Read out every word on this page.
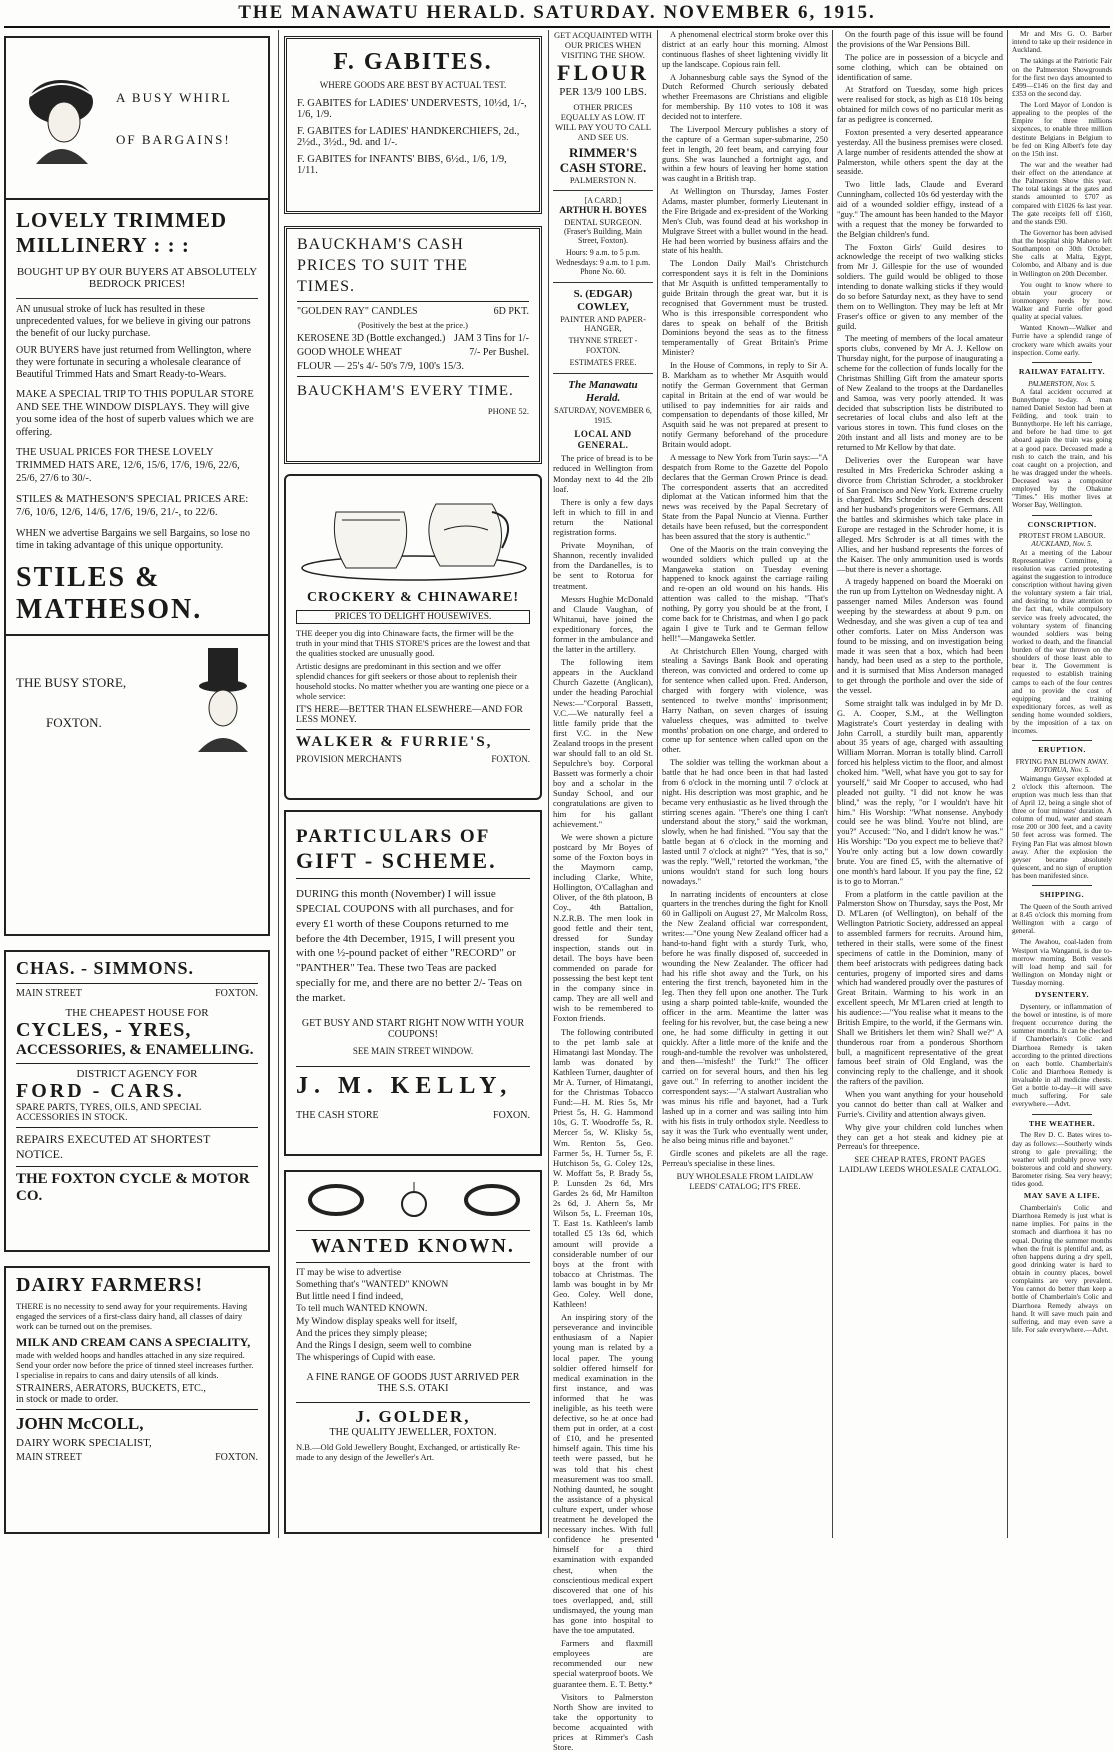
THE MANAWATU HERALD. SATURDAY. NOVEMBER 6, 1915.
A BUSY WHIRL
OF BARGAINS!
LOVELY TRIMMED
MILLINERY : : :
BOUGHT UP BY OUR BUYERS AT ABSOLUTELY BEDROCK PRICES!
AN unusual stroke of luck has resulted in these unprecedented values, for we believe in giving our patrons the benefit of our lucky purchase.
OUR BUYERS have just returned from Wellington, where they were fortunate in securing a wholesale clearance of Beautiful Trimmed Hats and Smart Ready-to-Wears.
MAKE A SPECIAL TRIP TO THIS POPULAR STORE AND SEE THE WINDOW DISPLAYS. They will give you some idea of the host of superb values which we are offering.
THE USUAL PRICES FOR THESE LOVELY TRIMMED HATS ARE, 12/6, 15/6, 17/6, 19/6, 22/6, 25/6, 27/6 to 30/-.
STILES & MATHESON'S SPECIAL PRICES ARE: 7/6, 10/6, 12/6, 14/6, 17/6, 19/6, 21/-, to 22/6.
WHEN we advertise Bargains we sell Bargains, so lose no time in taking advantage of this unique opportunity.
STILES &
MATHESON.
THE BUSY STORE,
FOXTON.
CHAS. - SIMMONS.
MAIN STREET	FOXTON.
THE CHEAPEST HOUSE FOR
CYCLES, - YRES,
ACCESSORIES, & ENAMELLING.
DISTRICT AGENCY FOR
FORD - CARS.
SPARE PARTS, TYRES, OILS, AND SPECIAL ACCESSORIES IN STOCK.
REPAIRS EXECUTED AT SHORTEST NOTICE.
THE FOXTON CYCLE & MOTOR CO.
DAIRY FARMERS!
THERE is no necessity to send away for your requirements. Having engaged the services of a first-class dairy hand, all classes of dairy work can be turned out on the premises.
MILK AND CREAM CANS A SPECIALITY,
made with welded hoops and handles attached in any size required. Send your order now before the price of tinned steel increases further. I specialise in repairs to cans and dairy utensils of all kinds.
STRAINERS, AERATORS, BUCKETS, ETC.,
in stock or made to order.
JOHN McCOLL,
DAIRY WORK SPECIALIST,
MAIN STREET	FOXTON.
F. GABITES.
WHERE GOODS ARE BEST BY ACTUAL TEST.
F. GABITES for LADIES' UNDERVESTS, 10½d, 1/-, 1/6, 1/9.
F. GABITES for LADIES' HANDKERCHIEFS, 2d., 2½d., 3½d., 9d. and 1/-.
F. GABITES for INFANTS' BIBS, 6½d., 1/6, 1/9, 1/11.
BAUCKHAM'S CASH PRICES TO SUIT THE TIMES.
"GOLDEN RAY" CANDLES	6D PKT.
(Positively the best at the price.)
KEROSENE 3D (Bottle exchanged.) JAM 3 Tins for 1/-
GOOD WHOLE WHEAT	7/- Per Bushel.
FLOUR — 25's 4/- 50's 7/9, 100's 15/3.
BAUCKHAM'S EVERY TIME.
PHONE 52.
CROCKERY & CHINAWARE!
PRICES TO DELIGHT HOUSEWIVES.
THE deeper you dig into Chinaware facts, the firmer will be the truth in your mind that THIS STORE'S prices are the lowest and that the qualities stocked are unusually good.
Artistic designs are predominant in this section and we offer splendid chances for gift seekers or those about to replenish their household stocks. No matter whether you are wanting one piece or a whole service:
IT'S HERE—BETTER THAN ELSEWHERE—AND FOR LESS MONEY.
WALKER & FURRIE'S,
PROVISION MERCHANTS	FOXTON.
PARTICULARS OF
GIFT - SCHEME.
DURING this month (November) I will issue SPECIAL COUPONS with all purchases, and for every £1 worth of these Coupons returned to me before the 4th December, 1915, I will present you with one ½-pound packet of either "RECORD" or "PANTHER" Tea. These two Teas are packed specially for me, and there are no better 2/- Teas on the market.
GET BUSY AND START RIGHT NOW WITH YOUR COUPONS!
SEE MAIN STREET WINDOW.
J. M. KELLY,
THE CASH STORE	FOXON.
WANTED KNOWN.
IT may be wise to advertise
Something that's "WANTED" KNOWN
But little need I find indeed,
To tell much WANTED KNOWN.
My Window display speaks well for itself,
And the prices they simply please;
And the Rings I design, seem well to combine
The whisperings of Cupid with ease.
A FINE RANGE OF GOODS JUST ARRIVED PER THE S.S. OTAKI
J. GOLDER,
THE QUALITY JEWELLER, FOXTON.
N.B.—Old Gold Jewellery Bought, Exchanged, or artistically Re-made to any design of the Jeweller's Art.
GET ACQUAINTED WITH OUR PRICES WHEN VISITING THE SHOW.
FLOUR
PER 13/9 100 LBS.
OTHER PRICES EQUALLY AS LOW. IT WILL PAY YOU TO CALL AND SEE US.
RIMMER'S CASH STORE.
PALMERSTON N.
[A CARD.]
ARTHUR H. BOYES
DENTAL SURGEON.
(Fraser's Building, Main Street, Foxton).
Hours: 9 a.m. to 5 p.m. Wednesdays: 9 a.m. to 1 p.m. Phone No. 60.
S. (EDGAR) COWLEY,
PAINTER AND PAPER-HANGER,
THYNNE STREET - FOXTON.
ESTIMATES FREE.
The Manawatu Herald.
SATURDAY, NOVEMBER 6, 1915.
LOCAL AND GENERAL.

The price of bread is to be reduced in Wellington from Monday next to 4d the 2lb loaf.

There is only a few days left in which to fill in and return the National registration forms.

Private Moynihan, of Shannon, recently invalided from the Dardanelles, is to be sent to Rotorua for treatment.

Messrs Hughie McDonald and Claude Vaughan, of Whitanui, have joined the expeditionary forces, the former in the ambulance and the latter in the artillery.

The following item appears in the Auckland Church Gazette (Anglican), under the heading Parochial News:—"Corporal Bassett, V.C.—We naturally feel a little family pride that the first V.C. in the New Zealand troops in the present war should fall to an old St. Sepulchre's boy. Corporal Bassett was formerly a choir boy and a scholar in the Sunday School, and our congratulations are given to him for his gallant achievement."

We were shown a picture postcard by Mr Boyes of some of the Foxton boys in the Maymorn camp, including Clarke, White, Hollington, O'Callaghan and Oliver, of the 8th platoon, B Coy., 4th Battalion, N.Z.R.B. The men look in good fettle and their tent, dressed for Sunday inspection, stands out in detail. The boys have been commended on parade for possessing the best kept tent in the company since in camp. They are all well and wish to be remembered to Foxton friends.

The following contributed to the pet lamb sale at Himatangi last Monday. The lamb was donated by Kathleen Turner, daughter of Mr A. Turner, of Himatangi, for the Christmas Tobacco Fund:—H. M. Ries 5s, Mr Priest 5s, H. G. Hammond 10s, G. T. Woodroffe 5s, R. Mercer 5s, W. Klisky 5s, Wm. Renton 5s, Geo. Farmer 5s, H. Turner 5s, F. Hutchison 5s, G. Coley 12s, W. Moffatt 5s, P. Brady 5s, P. Lunsden 2s 6d, Mrs Gardes 2s 6d, Mr Hamilton 2s 6d, J. Ahern 5s, Mr Wilson 5s, L. Freeman 10s, T. East 1s. Kathleen's lamb totalled £5 13s 6d, which amount will provide a considerable number of our boys at the front with tobacco at Christmas. The lamb was bought in by Mr Geo. Coley. Well done, Kathleen!

An inspiring story of the perseverance and invincible enthusiasm of a Napier young man is related by a local paper. The young soldier offered himself for medical examination in the first instance, and was informed that he was ineligible, as his teeth were defective, so he at once had them put in order, at a cost of £10, and he presented himself again. This time his teeth were passed, but he was told that his chest measurement was too small. Nothing daunted, he sought the assistance of a physical culture expert, under whose treatment he developed the necessary inches. With full confidence he presented himself for a third examination with expanded chest, when the conscientious medical expert discovered that one of his toes overlapped, and, still undismayed, the young man has gone into hospital to have the toe amputated.

Farmers and flaxmill employees are recommended our new special waterproof boots. We guarantee them. E. T. Betty.*

Visitors to Palmerston North Show are invited to take the opportunity to become acquainted with prices at Rimmer's Cash Store.

A phenomenal electrical storm broke over this district at an early hour this morning. Almost continuous flashes of sheet lightening vividly lit up the landscape. Copious rain fell.

A Johannesburg cable says the Synod of the Dutch Reformed Church seriously debated whether Freemasons are Christians and eligible for membership. By 110 votes to 108 it was decided not to interfere.

The Liverpool Mercury publishes a story of the capture of a German super-submarine, 250 feet in length, 20 feet beam, and carrying four guns. She was launched a fortnight ago, and within a few hours of leaving her home station was caught in a British trap.

At Wellington on Thursday, James Foster Adams, master plumber, formerly Lieutenant in the Fire Brigade and ex-president of the Working Men's Club, was found dead at his workshop in Mulgrave Street with a bullet wound in the head. He had been worried by business affairs and the state of his health.

The London Daily Mail's Christchurch correspondent says it is felt in the Dominions that Mr Asquith is unfitted temperamentally to guide Britain through the great war, but it is recognised that Government must be trusted. Who is this irresponsible correspondent who dares to speak on behalf of the British Dominions beyond the seas as to the fitness temperamentally of Great Britain's Prime Minister?

In the House of Commons, in reply to Sir A. B. Markham as to whether Mr Asquith would notify the German Government that German capital in Britain at the end of war would be utilised to pay indemnities for air raids and compensation to dependants of those killed, Mr Asquith said he was not prepared at present to notify Germany beforehand of the procedure Britain would adopt.

A message to New York from Turin says:—"A despatch from Rome to the Gazette del Popolo declares that the German Crown Prince is dead. The correspondent asserts that an accredited diplomat at the Vatican informed him that the news was received by the Papal Secretary of State from the Papal Nuncio at Vienna. Further details have been refused, but the correspondent has been assured that the story is authentic."

One of the Maoris on the train conveying the wounded soldiers which pulled up at the Mangaweka station on Tuesday evening happened to knock against the carriage railing and re-open an old wound on his hands. His attention was called to the mishap. "That's nothing, Py gorry you should be at the front, I come back for te Christmas, and when I go pack again I give te Turk and te German fellow hell!"—Mangaweka Settler.

At Christchurch Ellen Young, charged with stealing a Savings Bank Book and operating thereon, was convicted and ordered to come up for sentence when called upon. Fred. Anderson, charged with forgery with violence, was sentenced to twelve months' imprisonment; Harry Nathan, on seven charges of issuing valueless cheques, was admitted to twelve months' probation on one charge, and ordered to come up for sentence when called upon on the other.

The soldier was telling the workman about a battle that he had once been in that had lasted from 6 o'clock in the morning until 7 o'clock at night. His description was most graphic, and he became very enthusiastic as he lived through the stirring scenes again. "There's one thing I can't understand about the story," said the workman, slowly, when he had finished. "You say that the battle began at 6 o'clock in the morning and lasted until 7 o'clock at night?" "Yes, that is so," was the reply. "Well," retorted the workman, "the unions wouldn't stand for such long hours nowadays."

In narrating incidents of encounters at close quarters in the trenches during the fight for Knoll 60 in Gallipoli on August 27, Mr Malcolm Ross, the New Zealand official war correspondent, writes:—"One young New Zealand officer had a hand-to-hand fight with a sturdy Turk, who, before he was finally disposed of, succeeded in wounding the New Zealander. The officer had had his rifle shot away and the Turk, on his entering the first trench, bayoneted him in the leg. Then they fell upon one another. The Turk using a sharp pointed table-knife, wounded the officer in the arm. Meantime the latter was feeling for his revolver, but, the case being a new one, he had some difficulty in getting it out quickly. After a little more of the knife and the rough-and-tumble the revolver was unholstered, and then—'misfesh!' the Turk!" The officer carried on for several hours, and then his leg gave out." In referring to another incident the correspondent says:—"A stalwart Australian who was minus his rifle and bayonet, had a Turk lashed up in a corner and was sailing into him with his fists in truly orthodox style. Needless to say it was the Turk who eventually went under, he also being minus rifle and bayonet."

Girdle scones and pikelets are all the rage. Perreau's specialise in these lines.

BUY WHOLESALE FROM LAIDLAW LEEDS' CATALOG; IT'S FREE.

On the fourth page of this issue will be found the provisions of the War Pensions Bill.

The police are in possession of a bicycle and some clothing, which can be obtained on identification of same.

At Stratford on Tuesday, some high prices were realised for stock, as high as £18 10s being obtained for milch cows of no particular merit as far as pedigree is concerned.

Foxton presented a very deserted appearance yesterday. All the business premises were closed. A large number of residents attended the show at Palmerston, while others spent the day at the seaside.

Two little lads, Claude and Everard Cunningham, collected 10s 6d yesterday with the aid of a wounded soldier effigy, instead of a "guy." The amount has been handed to the Mayor with a request that the money be forwarded to the Belgian children's fund.

The Foxton Girls' Guild desires to acknowledge the receipt of two walking sticks from Mr J. Gillespie for the use of wounded soldiers. The guild would be obliged to those intending to donate walking sticks if they would do so before Saturday next, as they have to send them on to Wellington. They may be left at Mr Fraser's office or given to any member of the guild.

The meeting of members of the local amateur sports clubs, convened by Mr A. J. Kellow on Thursday night, for the purpose of inaugurating a scheme for the collection of funds locally for the Christmas Shilling Gift from the amateur sports of New Zealand to the troops at the Dardanelles and Samoa, was very poorly attended. It was decided that subscription lists be distributed to secretaries of local clubs and also left at the various stores in town. This fund closes on the 20th instant and all lists and money are to be returned to Mr Kellow by that date.

Deliveries over the European war have resulted in Mrs Fredericka Schroder asking a divorce from Christian Schroder, a stockbroker of San Francisco and New York. Extreme cruelty is charged. Mrs Schroder is of French descent and her husband's progenitors were Germans. All the battles and skirmishes which take place in Europe are restaged in the Schroder home, it is alleged. Mrs Schroder is at all times with the Allies, and her husband represents the forces of the Kaiser. The only ammunition used is words—but there is never a shortage.

A tragedy happened on board the Moeraki on the run up from Lyttelton on Wednesday night. A passenger named Miles Anderson was found weeping by the stewardess at about 9 p.m. on Wednesday, and she was given a cup of tea and other comforts. Later on Miss Anderson was found to be missing, and on investigation being made it was seen that a box, which had been handy, had been used as a step to the porthole, and it is surmised that Miss Anderson managed to get through the porthole and over the side of the vessel.

Some straight talk was indulged in by Mr D. G. A. Cooper, S.M., at the Wellington Magistrate's Court yesterday in dealing with John Carroll, a sturdily built man, apparently about 35 years of age, charged with assaulting William Morran. Morran is totally blind. Carroll forced his helpless victim to the floor, and almost choked him. "Well, what have you got to say for yourself," said Mr Cooper to accused, who had pleaded not guilty. "I did not know he was blind," was the reply, "or I wouldn't have hit him." His Worship: "What nonsense. Anybody could see he was blind. You're not blind, are you?" Accused: "No, and I didn't know he was." His Worship: "Do you expect me to believe that? You're only acting but a low down cowardly brute. You are fined £5, with the alternative of one month's hard labour. If you pay the fine, £2 is to go to Morran."

From a platform in the cattle pavilion at the Palmerston Show on Thursday, says the Post, Mr D. M'Laren (of Wellington), on behalf of the Wellington Patriotic Society, addressed an appeal to assembled farmers for recruits. Around him, tethered in their stalls, were some of the finest specimens of cattle in the Dominion, many of them beef aristocrats with pedigrees dating back centuries, progeny of imported sires and dams which had wandered proudly over the pastures of Great Britain. Warming to his work in an excellent speech, Mr M'Laren cried at length to his audience:—"You realise what it means to the British Empire, to the world, if the Germans win. Shall we Britishers let them win? Shall we?" A thunderous roar from a ponderous Shorthorn bull, a magnificent representative of the great famous beef strain of Old England, was the convincing reply to the challenge, and it shook the rafters of the pavilion.

When you want anything for your household you cannot do better than call at Walker and Furrie's. Civility and attention always given.

Why give your children cold lunches when they can get a hot steak and kidney pie at Perreau's for threepence.

SEE CHEAP RATES, FRONT PAGES LAIDLAW LEEDS WHOLESALE CATALOG.

Mr and Mrs G. O. Barber intend to take up their residence in Auckland.

The takings at the Patriotic Fair on the Palmerston Showgrounds for the first two days amounted to £499—£146 on the first day and £353 on the second day.

The Lord Mayor of London is appealing to the peoples of the Empire for three millions sixpences, to enable three million destitute Belgians in Belgium to be fed on King Albert's fete day on the 15th inst.

The war and the weather had their effect on the attendance at the Palmerston Show this year. The total takings at the gates and stands amounted to £707 as compared with £1026 6s last year. The gate receipts fell off £160, and the stands £90.

The Governor has been advised that the hospital ship Maheno left Southampton on 30th October. She calls at Malta, Egypt, Colombo, and Albany and is due in Wellington on 20th December.

You ought to know where to obtain your grocery or ironmongery needs by now. Walker and Furrie offer good quality at special values.

Wanted Known—Walker and Furrie have a splendid range of crockery ware which awaits your inspection. Come early.

RAILWAY FATALITY.
PALMERSTON, Nov. 5.

A fatal accident occurred at Bunnythorpe to-day. A man named Daniel Sexton had been at Feilding, and took train to Bunnythorpe. He left his carriage, and before he had time to get aboard again the train was going at a good pace. Deceased made a rush to catch the train, and his coat caught on a projection, and he was dragged under the wheels. Deceased was a compositor employed by the Ohakune "Times." His mother lives at Worser Bay, Wellington.

CONSCRIPTION.
PROTEST FROM LABOUR.
AUCKLAND, Nov. 5.

At a meeting of the Labour Representative Committee, a resolution was carried protesting against the suggestion to introduce conscription without having given the voluntary system a fair trial, and desiring to draw attention to the fact that, while compulsory service was freely advocated, the voluntary system of financing wounded soldiers was being worked to death, and the financial burden of the war thrown on the shoulders of those least able to bear it. The Government is requested to establish training camps to each of the four centres and to provide the cost of equipping and training expeditionary forces, as well as sending home wounded soldiers, by the imposition of a tax on incomes.

ERUPTION.
FRYING PAN BLOWN AWAY.
ROTORUA, Nov. 5.

Waimangu Geyser exploded at 2 o'clock this afternoon. The eruption was much less than that of April 12, being a single shot of three or four minutes' duration. A column of mud, water and steam rose 200 or 300 feet, and a cavity 50 feet across was formed. The Frying Pan Flat was almost blown away. After the explosion the geyser became absolutely quiescent, and no sign of eruption has been manifested since.

SHIPPING.

The Queen of the South arrived at 8.45 o'clock this morning from Wellington with a cargo of general.

The Awahou, coal-laden from Westport via Wanganui, is due to-morrow morning. Both vessels will load hemp and sail for Wellington on Monday night or Tuesday morning.

DYSENTERY.

Dysentery, or inflammation of the bowel or intestine, is of more frequent occurrence during the summer months. It can be checked if Chamberlain's Colic and Diarrhoea Remedy is taken according to the printed directions on each bottle. Chamberlain's Colic and Diarrhoea Remedy is invaluable in all medicine chests. Get a bottle to-day—it will save much suffering. For sale everywhere.—Advt.

THE WEATHER.

The Rev D. C. Bates wires to-day as follows:—Southerly winds strong to gale prevailing; the weather will probably prove very boisterous and cold and showery. Barometer rising. Sea very heavy; tides good.

MAY SAVE A LIFE.

Chamberlain's Colic and Diarrhoea Remedy is just what is name implies. For pains in the stomach and diarrhoea it has no equal. During the summer months when the fruit is plentiful and, as often happens during a dry spell, good drinking water is hard to obtain in country places, bowel complaints are very prevalent. You cannot do better than keep a bottle of Chamberlain's Colic and Diarrhoea Remedy always on hand. It will save much pain and suffering, and may even save a life. For sale everywhere.—Advt.
